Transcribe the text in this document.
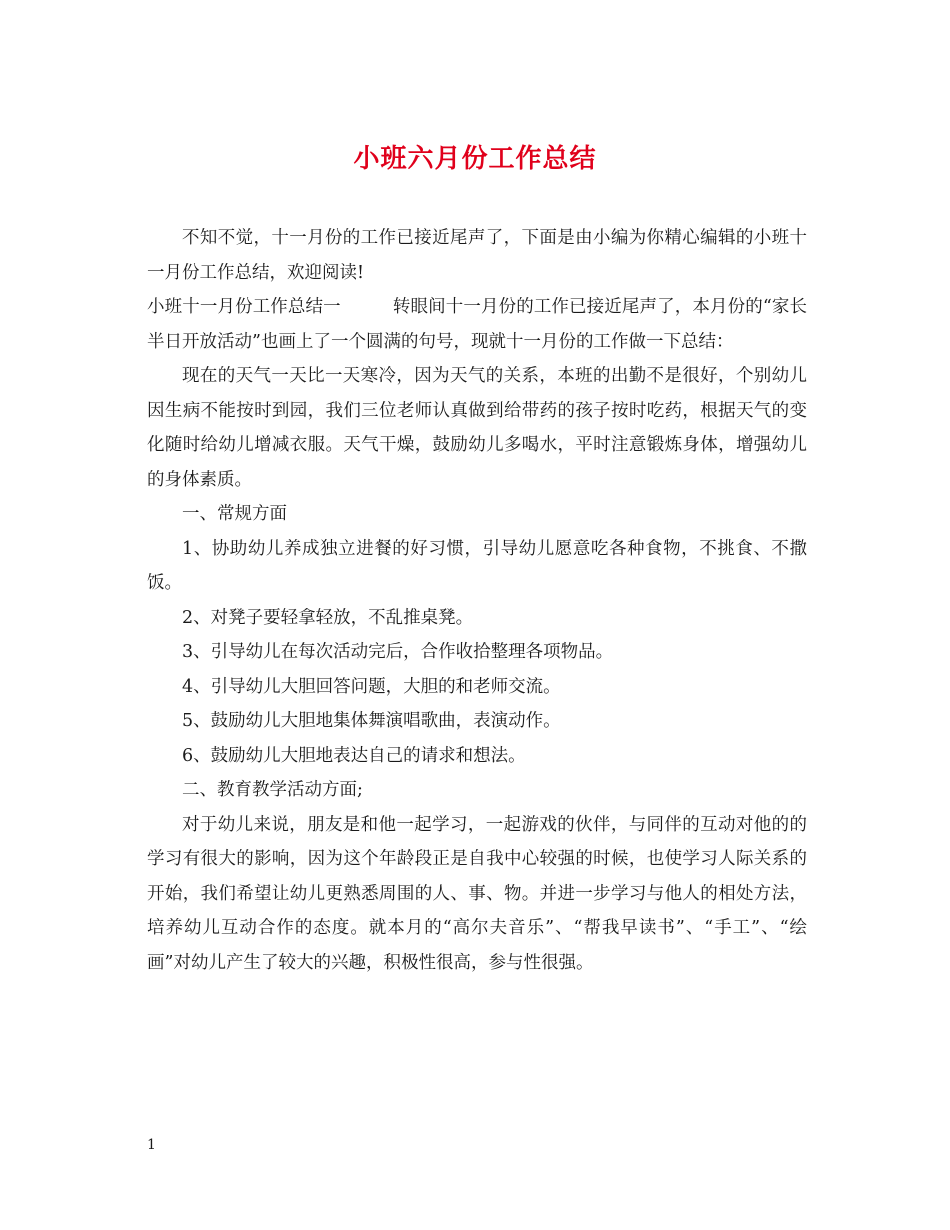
小班六月份工作总结

不知不觉，十一月份的工作已接近尾声了，下面是由小编为你精心编辑的小班十一月份工作总结，欢迎阅读!

小班十一月份工作总结一	转眼间十一月份的工作已接近尾声了，本月份的“家长半日开放活动”也画上了一个圆满的句号，现就十一月份的工作做一下总结：

现在的天气一天比一天寒冷，因为天气的关系，本班的出勤不是很好，个别幼儿因生病不能按时到园，我们三位老师认真做到给带药的孩子按时吃药，根据天气的变化随时给幼儿增减衣服。天气干燥，鼓励幼儿多喝水，平时注意锻炼身体，增强幼儿的身体素质。

一、常规方面

1、协助幼儿养成独立进餐的好习惯，引导幼儿愿意吃各种食物，不挑食、不撒饭。

2、对凳子要轻拿轻放，不乱推桌凳。

3、引导幼儿在每次活动完后，合作收拾整理各项物品。

4、引导幼儿大胆回答问题，大胆的和老师交流。

5、鼓励幼儿大胆地集体舞演唱歌曲，表演动作。

6、鼓励幼儿大胆地表达自己的请求和想法。

二、教育教学活动方面;

对于幼儿来说，朋友是和他一起学习，一起游戏的伙伴，与同伴的互动对他的的学习有很大的影响，因为这个年龄段正是自我中心较强的时候，也使学习人际关系的开始，我们希望让幼儿更熟悉周围的人、事、物。并进一步学习与他人的相处方法，培养幼儿互动合作的态度。就本月的“高尔夫音乐”、“帮我早读书”、“手工”、“绘画”对幼儿产生了较大的兴趣，积极性很高，参与性很强。

1
